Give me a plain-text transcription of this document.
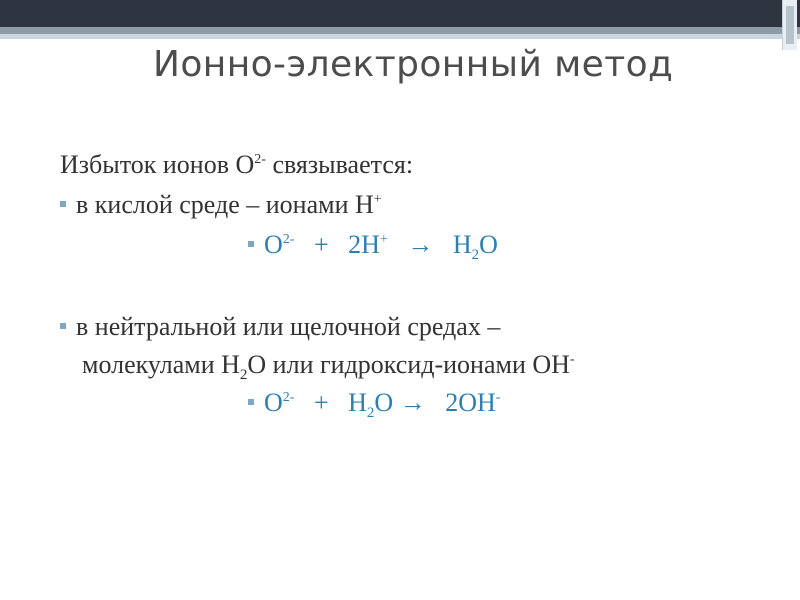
Ионно-электронный метод
Избыток ионов $O^{2-}$ связывается:
в кислой среде – ионами H+
$O^{2-} + 2H^+ \to H_2O$
в нейтральной или щелочной средах –
молекулами $H_2O$ или гидроксид-ионами OH-
$O^{2-} + H_2O \to 2OH^-$
